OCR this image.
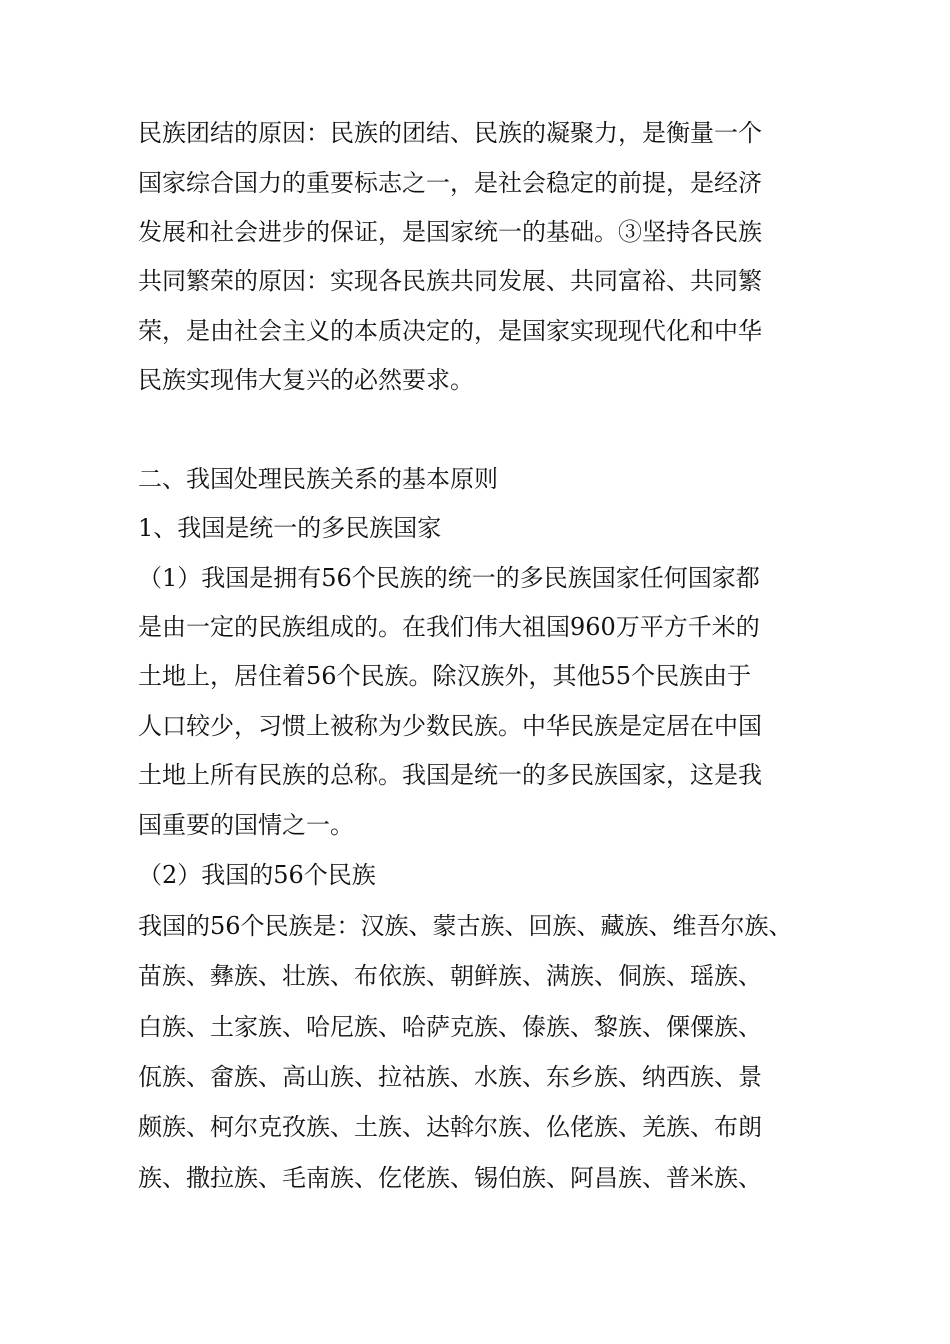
民族团结的原因：民族的团结、民族的凝聚力，是衡量一个

国家综合国力的重要标志之一，是社会稳定的前提，是经济

发展和社会进步的保证，是国家统一的基础。③坚持各民族

共同繁荣的原因：实现各民族共同发展、共同富裕、共同繁

荣，是由社会主义的本质决定的，是国家实现现代化和中华

民族实现伟大复兴的必然要求。

二、我国处理民族关系的基本原则

1、我国是统一的多民族国家

（1）我国是拥有56个民族的统一的多民族国家任何国家都

是由一定的民族组成的。在我们伟大祖国960万平方千米的

土地上，居住着56个民族。除汉族外，其他55个民族由于

人口较少，习惯上被称为少数民族。中华民族是定居在中国

土地上所有民族的总称。我国是统一的多民族国家，这是我

国重要的国情之一。

（2）我国的56个民族

我国的56个民族是：汉族、蒙古族、回族、藏族、维吾尔族、

苗族、彝族、壮族、布依族、朝鲜族、满族、侗族、瑶族、

白族、土家族、哈尼族、哈萨克族、傣族、黎族、傈僳族、

佤族、畲族、高山族、拉祜族、水族、东乡族、纳西族、景

颇族、柯尔克孜族、土族、达斡尔族、仫佬族、羌族、布朗

族、撒拉族、毛南族、仡佬族、锡伯族、阿昌族、普米族、
